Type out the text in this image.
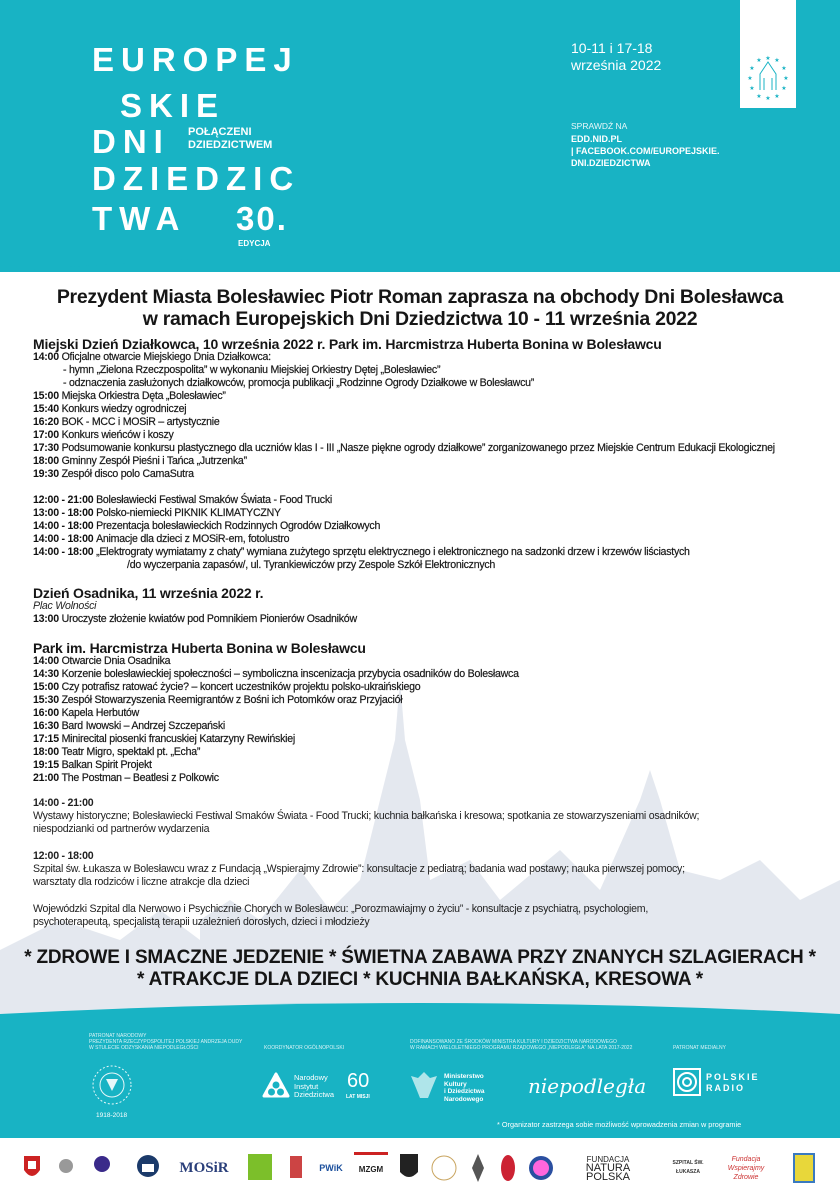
EUROPEJ
SKIE
DNI
DZIEDZIC
TWA 30.
EDYCJA
POŁĄCZENI
DZIEDZICTWEM
10-11 i 17-18
września 2022
SPRAWDŹ NA
EDD.NID.PL
| FACEBOOK.COM/EUROPEJSKIE.
DNI.DZIEDZICTWA
★
★ ★
★	★
★	★
★	★
★ ★
★
Prezydent Miasta Bolesławiec Piotr Roman zaprasza na obchody Dni Bolesławca
w ramach Europejskich Dni Dziedzictwa 10 - 11 września 2022
Miejski Dzień Działkowca, 10 września 2022 r. Park im. Harcmistrza Huberta Bonina w Bolesławcu
14:00 Oficjalne otwarcie Miejskiego Dnia Działkowca:
- hymn „Zielona Rzeczpospolita” w wykonaniu Miejskiej Orkiestry Dętej „Bolesławiec”
- odznaczenia zasłużonych działkowców, promocja publikacji „Rodzinne Ogrody Działkowe w Bolesławcu”
15:00 Miejska Orkiestra Dęta „Bolesławiec”
15:40 Konkurs wiedzy ogrodniczej
16:20 BOK - MCC i MOSiR – artystycznie
17:00 Konkurs wieńców i koszy
17:30 Podsumowanie konkursu plastycznego dla uczniów klas I - III „Nasze piękne ogrody działkowe” zorganizowanego przez Miejskie Centrum Edukacji Ekologicznej
18:00 Gminny Zespół Pieśni i Tańca „Jutrzenka”
19:30 Zespół disco polo CamaSutra
12:00 - 21:00 Bolesławiecki Festiwal Smaków Świata - Food Trucki
13:00 - 18:00 Polsko-niemiecki PIKNIK KLIMATYCZNY
14:00 - 18:00 Prezentacja bolesławieckich Rodzinnych Ogrodów Działkowych
14:00 - 18:00 Animacje dla dzieci z MOSiR-em, fotolustro
14:00 - 18:00 „Elektrograty wymiatamy z chaty” wymiana zużytego sprzętu elektrycznego i elektronicznego na sadzonki drzew i krzewów liściastych
/do wyczerpania zapasów/, ul. Tyrankiewiczów przy Zespole Szkół Elektronicznych
Dzień Osadnika, 11 września 2022 r.
Plac Wolności
13:00 Uroczyste złożenie kwiatów pod Pomnikiem Pionierów Osadników
Park im. Harcmistrza Huberta Bonina w Bolesławcu
14:00 Otwarcie Dnia Osadnika
14:30 Korzenie bolesławieckiej społeczności – symboliczna inscenizacja przybycia osadników do Bolesławca
15:00 Czy potrafisz ratować życie? – koncert uczestników projektu polsko-ukraińskiego
15:30 Zespół Stowarzyszenia Reemigrantów z Bośni ich Potomków oraz Przyjaciół
16:00 Kapela Herbutów
16:30 Bard Iwowski – Andrzej Szczepański
17:15 Minirecital piosenki francuskiej Katarzyny Rewińskiej
18:00 Teatr Migro, spektakl pt. „Echa”
19:15 Balkan Spirit Projekt
21:00 The Postman – Beatlesi z Polkowic
14:00 - 21:00
Wystawy historyczne; Bolesławiecki Festiwal Smaków Świata - Food Trucki; kuchnia bałkańska i kresowa; spotkania ze stowarzyszeniami osadników;
niespodzianki od partnerów wydarzenia
12:00 - 18:00
Szpital św. Łukasza w Bolesławcu wraz z Fundacją „Wspierajmy Zdrowie”: konsultacje z pediatrą; badania wad postawy; nauka pierwszej pomocy;
warsztaty dla rodziców i liczne atrakcje dla dzieci
Wojewódzki Szpital dla Nerwowo i Psychicznie Chorych w Bolesławcu: „Porozmawiajmy o życiu” - konsultacje z psychiatrą, psychologiem,
psychoterapeutą, specjalistą terapii uzależnień dorosłych, dzieci i młodzieży
* ZDROWE I SMACZNE JEDZENIE * ŚWIETNA ZABAWA PRZY ZNANYCH SZLAGIERACH *
* ATRAKCJE DLA DZIECI * KUCHNIA BAŁKAŃSKA, KRESOWA *
PATRONAT NARODOWY
PREZYDENTA RZECZYPOSPOLITEJ POLSKIEJ ANDRZEJA DUDY
W STULECIE ODZYSKANIA NIEPODLEGŁOŚCI	KOORDYNATOR OGÓLNOPOLSKI
DOFINANSOWANO ZE ŚRODKÓW MINISTRA KULTURY I DZIEDZICTWA NARODOWEGO
W RAMACH WIELOLETNIEGO PROGRAMU RZĄDOWEGO „NIEPODLEGŁA” NA LATA 2017-2022	PATRONAT MEDIALNY
1918-2018
Narodowy
Instytut
Dziedzictwa
60
LAT MISJI
Ministerstwo
Kultury
i Dziedzictwa
Narodowego
niepodległa	POLSKIE
RADIO
* Organizator zastrzega sobie możliwość wprowadzenia zmian w programie
MOSiR	PWiK	MZGM
FUNDACJA
NATURA POLSKA
SZPITAL ŚW. ŁUKASZA
Fundacja Wspierajmy Zdrowie
